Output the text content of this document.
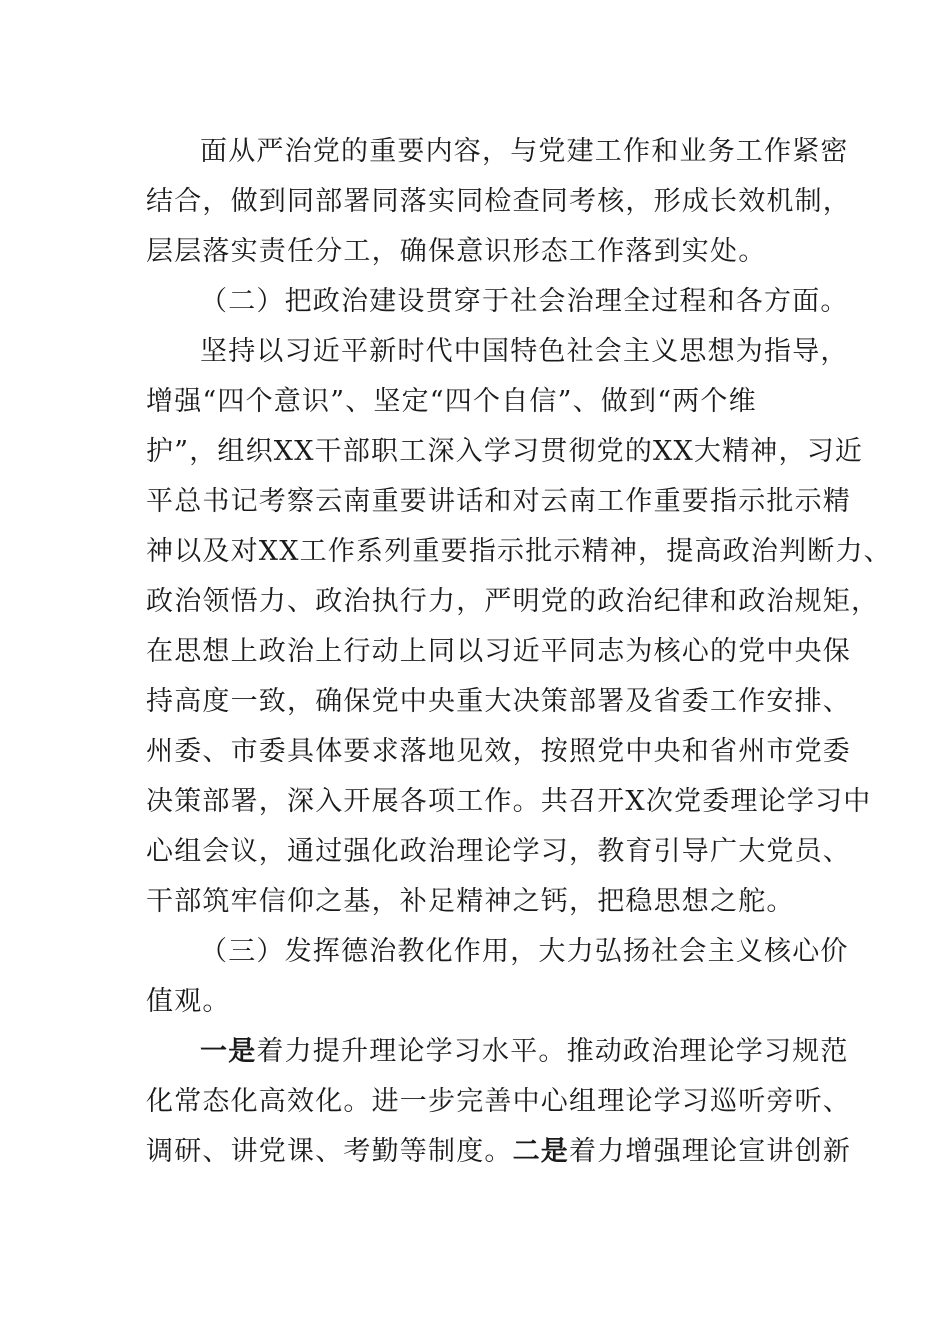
面从严治党的重要内容，与党建工作和业务工作紧密
结合，做到同部署同落实同检查同考核，形成长效机制，
层层落实责任分工，确保意识形态工作落到实处。
（二）把政治建设贯穿于社会治理全过程和各方面。
坚持以习近平新时代中国特色社会主义思想为指导，
增强“四个意识”、坚定“四个自信”、做到“两个维
护”，组织XX干部职工深入学习贯彻党的XX大精神，习近
平总书记考察云南重要讲话和对云南工作重要指示批示精
神以及对XX工作系列重要指示批示精神，提高政治判断力、
政治领悟力、政治执行力，严明党的政治纪律和政治规矩，
在思想上政治上行动上同以习近平同志为核心的党中央保
持高度一致，确保党中央重大决策部署及省委工作安排、
州委、市委具体要求落地见效，按照党中央和省州市党委
决策部署，深入开展各项工作。共召开X次党委理论学习中
心组会议，通过强化政治理论学习，教育引导广大党员、
干部筑牢信仰之基，补足精神之钙，把稳思想之舵。
（三）发挥德治教化作用，大力弘扬社会主义核心价
值观。
一是着力提升理论学习水平。推动政治理论学习规范
化常态化高效化。进一步完善中心组理论学习巡听旁听、
调研、讲党课、考勤等制度。二是着力增强理论宣讲创新
